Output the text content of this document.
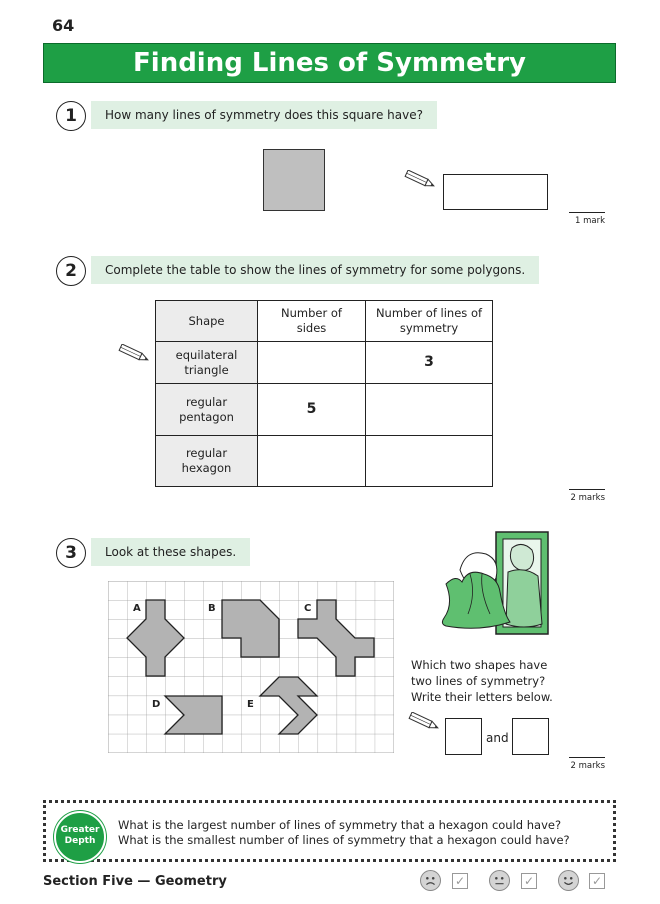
64
Finding Lines of Symmetry
1	How many lines of symmetry does this square have?
1 mark
2	Complete the table to show the lines of symmetry for some polygons.
Shape	Number of sides	Number of lines of symmetry
equilateral triangle		3
regular pentagon	5	
regular hexagon		
2 marks
3	Look at these shapes.
A	B	C
D	E
Which two shapes have
two lines of symmetry?
Write their letters below.
and
2 marks
Greater Depth
What is the largest number of lines of symmetry that a hexagon could have?
What is the smallest number of lines of symmetry that a hexagon could have?
Section Five — Geometry	✓	✓	✓
